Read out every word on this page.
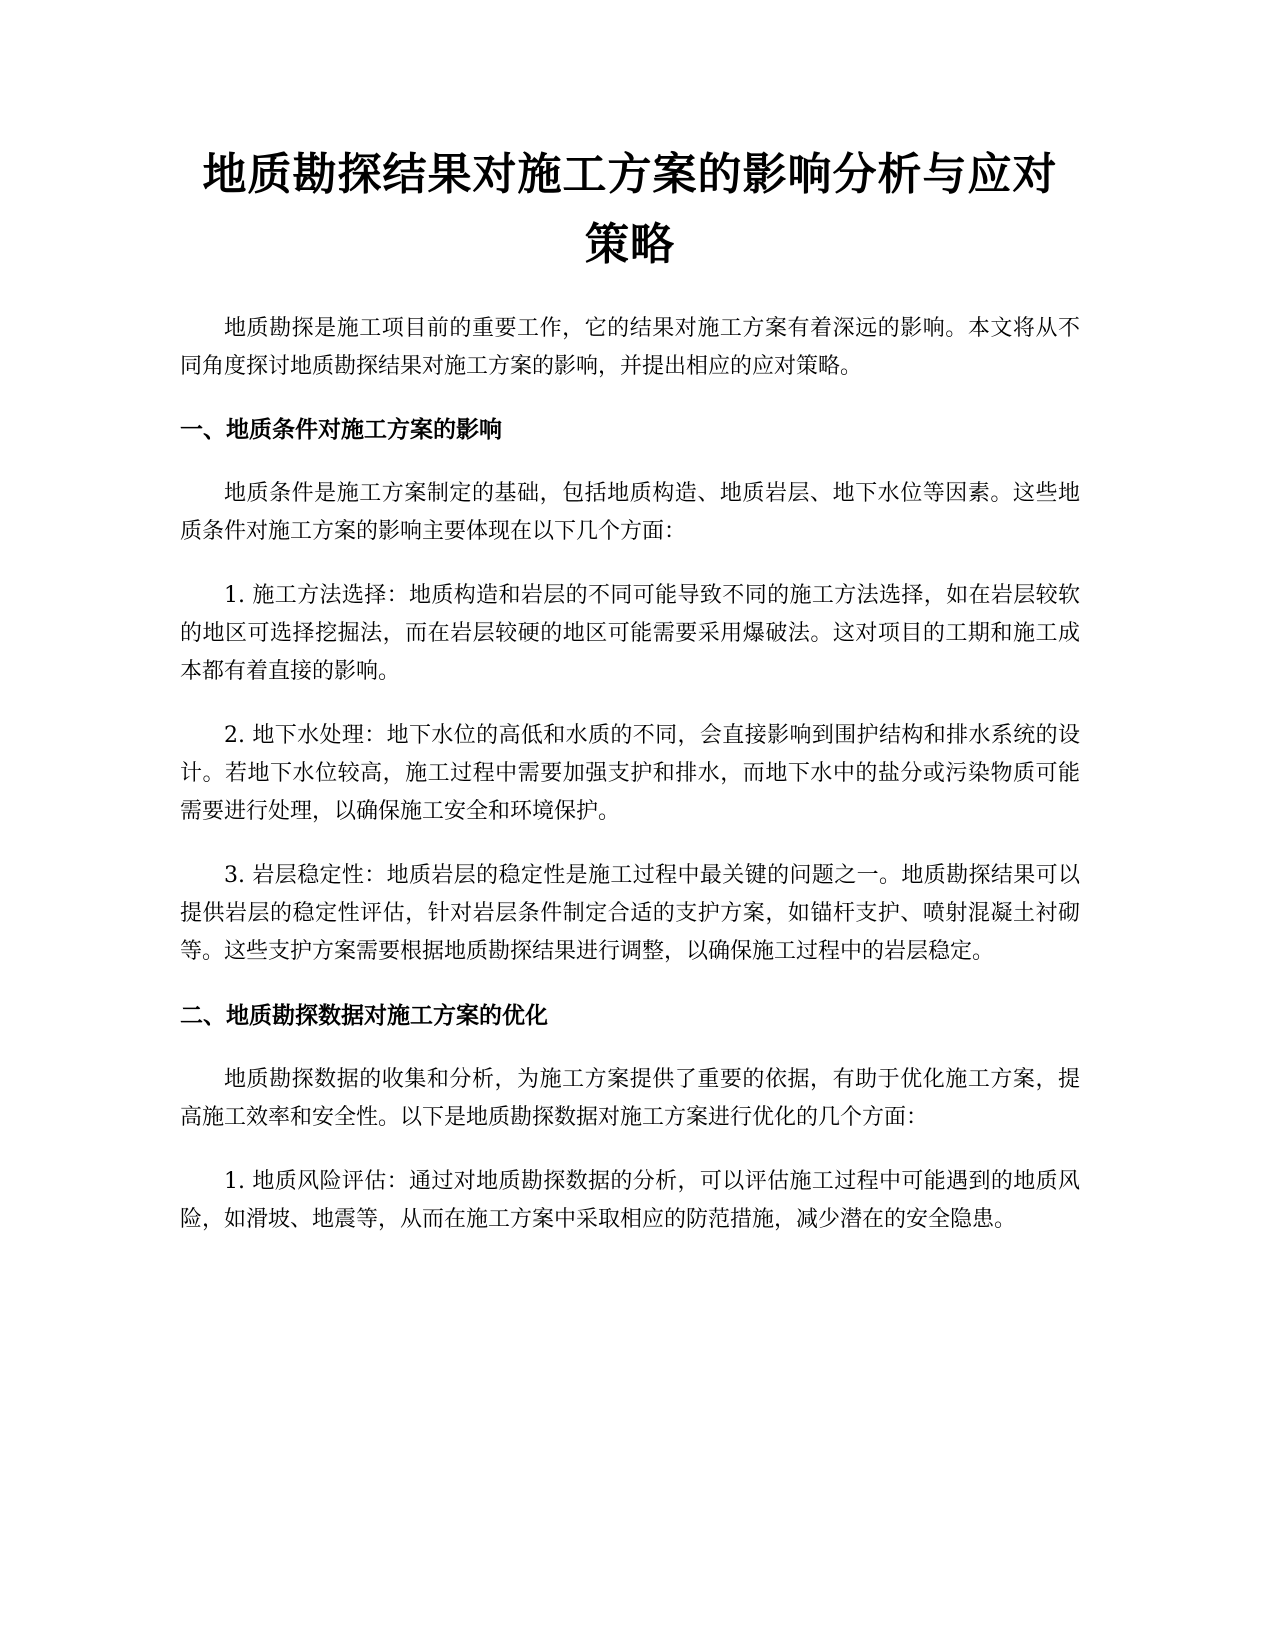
地质勘探结果对施工方案的影响分析与应对
策略

地质勘探是施工项目前的重要工作，它的结果对施工方案有着深远的影响。本文将从不同角度探讨地质勘探结果对施工方案的影响，并提出相应的应对策略。

一、地质条件对施工方案的影响

地质条件是施工方案制定的基础，包括地质构造、地质岩层、地下水位等因素。这些地质条件对施工方案的影响主要体现在以下几个方面：

1. 施工方法选择：地质构造和岩层的不同可能导致不同的施工方法选择，如在岩层较软的地区可选择挖掘法，而在岩层较硬的地区可能需要采用爆破法。这对项目的工期和施工成本都有着直接的影响。

2. 地下水处理：地下水位的高低和水质的不同，会直接影响到围护结构和排水系统的设计。若地下水位较高，施工过程中需要加强支护和排水，而地下水中的盐分或污染物质可能需要进行处理，以确保施工安全和环境保护。

3. 岩层稳定性：地质岩层的稳定性是施工过程中最关键的问题之一。地质勘探结果可以提供岩层的稳定性评估，针对岩层条件制定合适的支护方案，如锚杆支护、喷射混凝土衬砌等。这些支护方案需要根据地质勘探结果进行调整，以确保施工过程中的岩层稳定。

二、地质勘探数据对施工方案的优化

地质勘探数据的收集和分析，为施工方案提供了重要的依据，有助于优化施工方案，提高施工效率和安全性。以下是地质勘探数据对施工方案进行优化的几个方面：

1. 地质风险评估：通过对地质勘探数据的分析，可以评估施工过程中可能遇到的地质风险，如滑坡、地震等，从而在施工方案中采取相应的防范措施，减少潜在的安全隐患。
